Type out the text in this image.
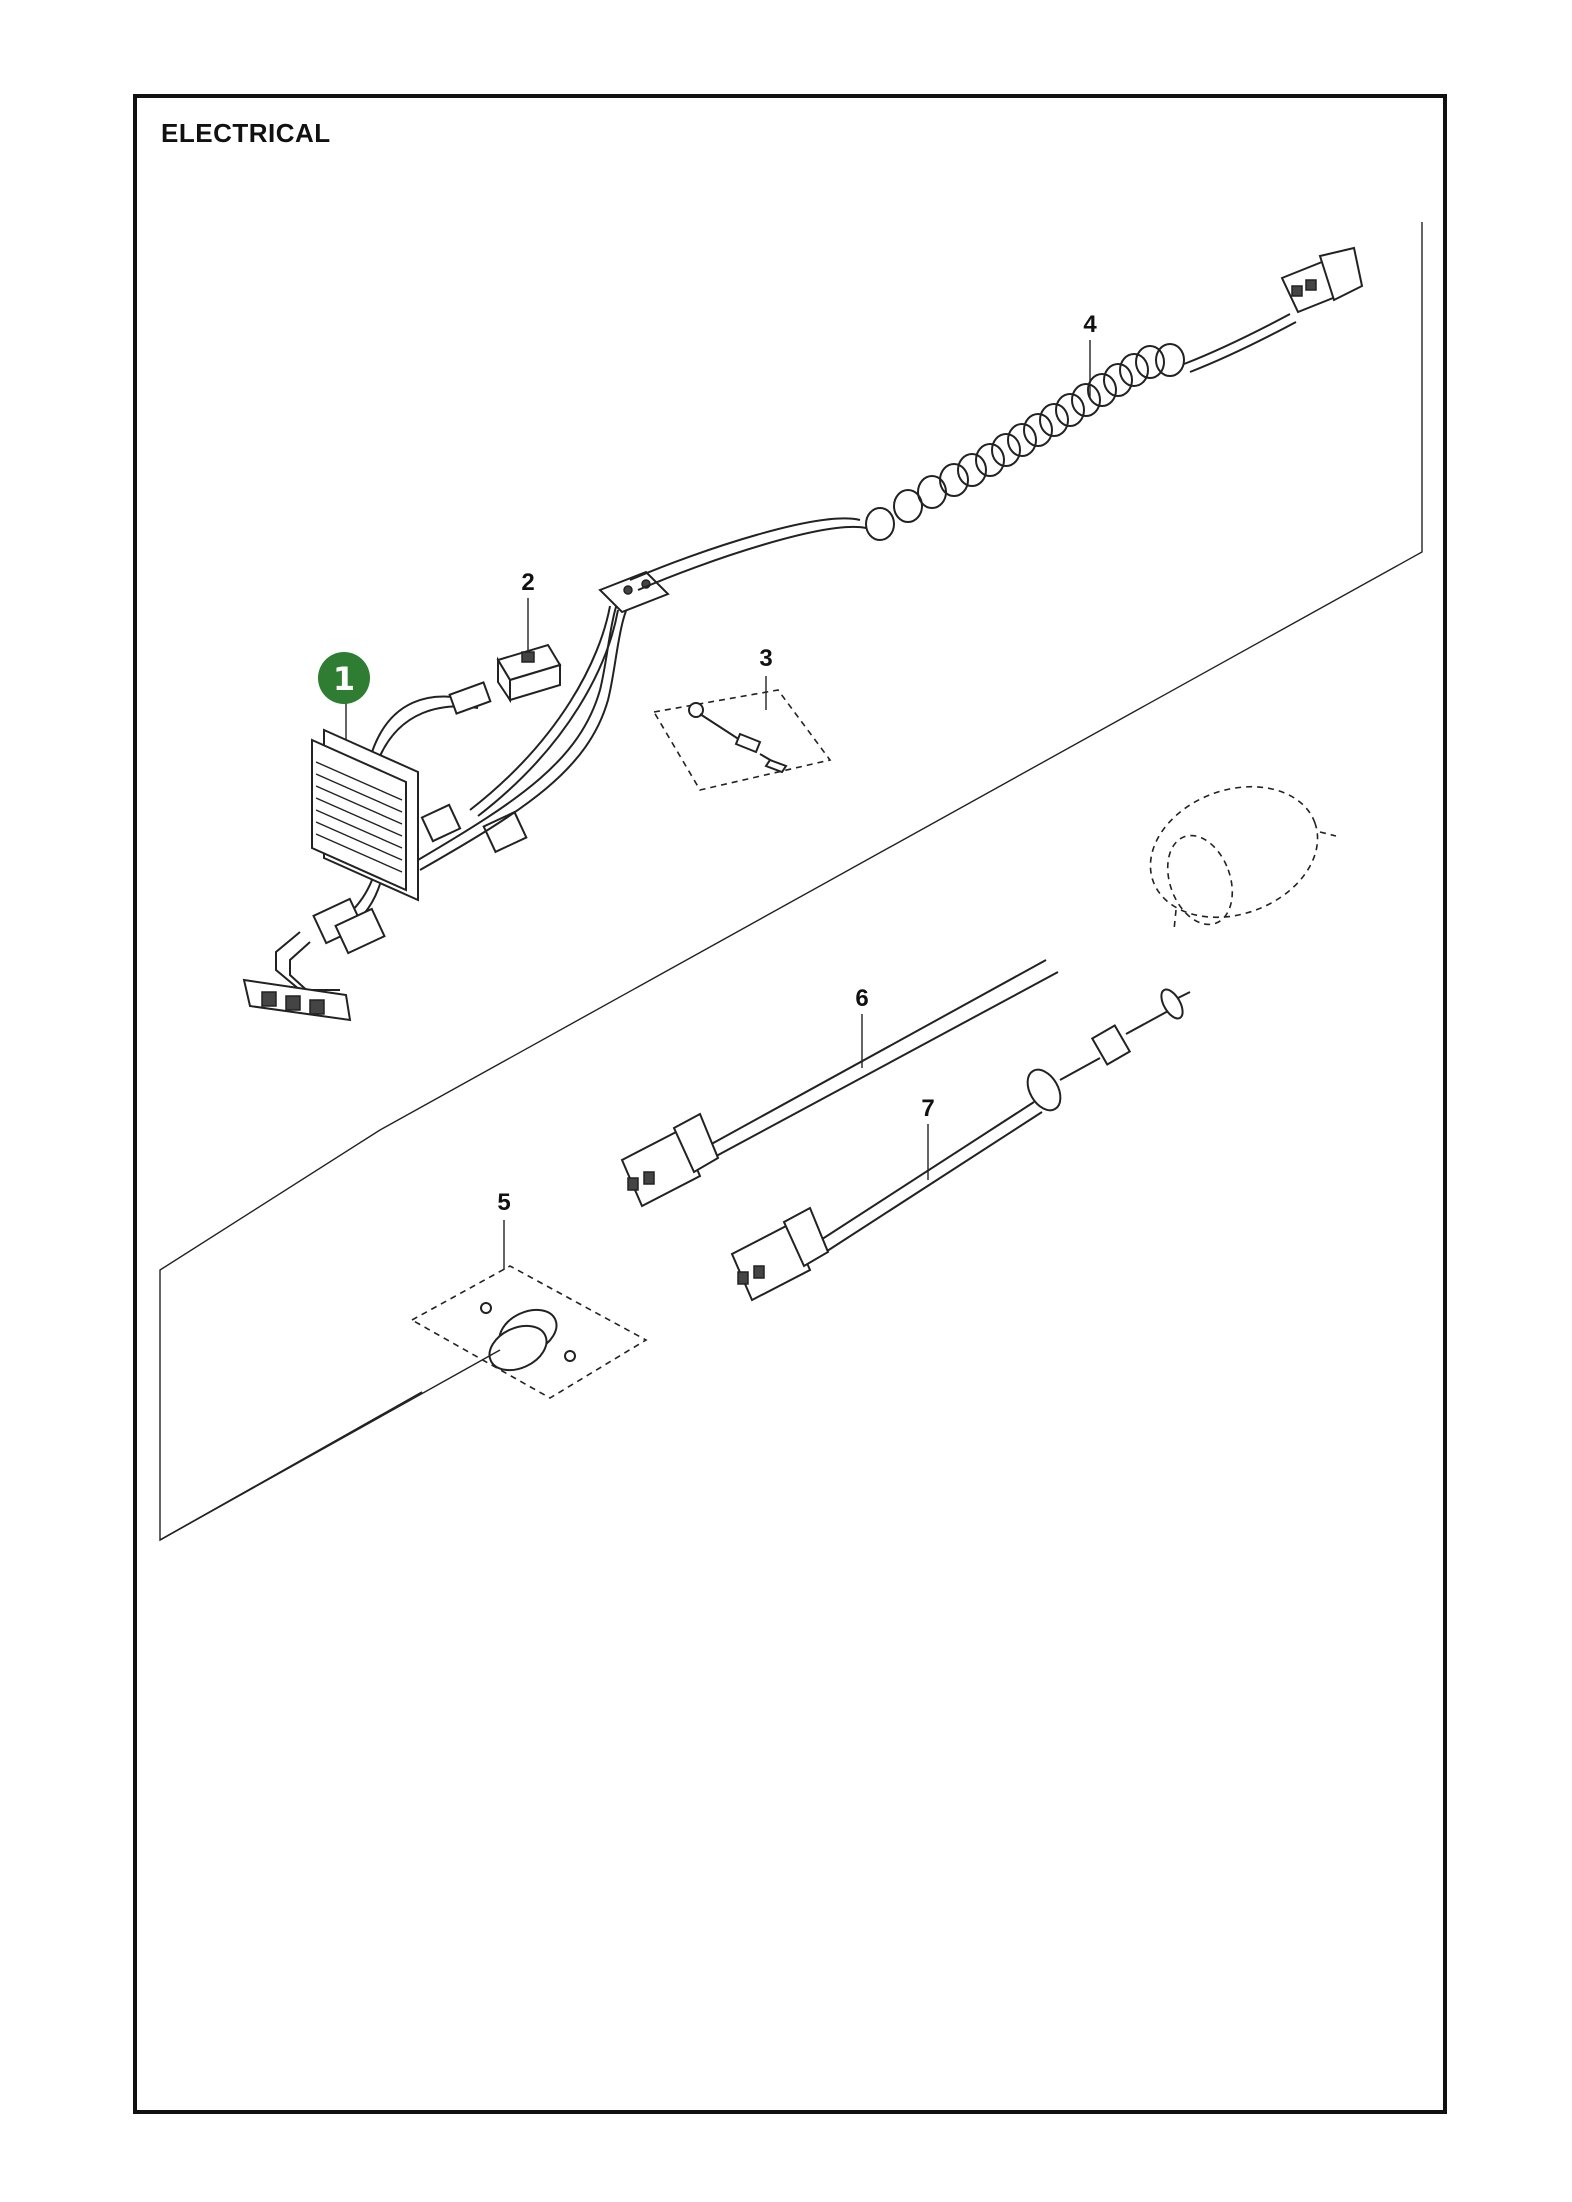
ELECTRICAL
1
2
3
4
5
6
7
